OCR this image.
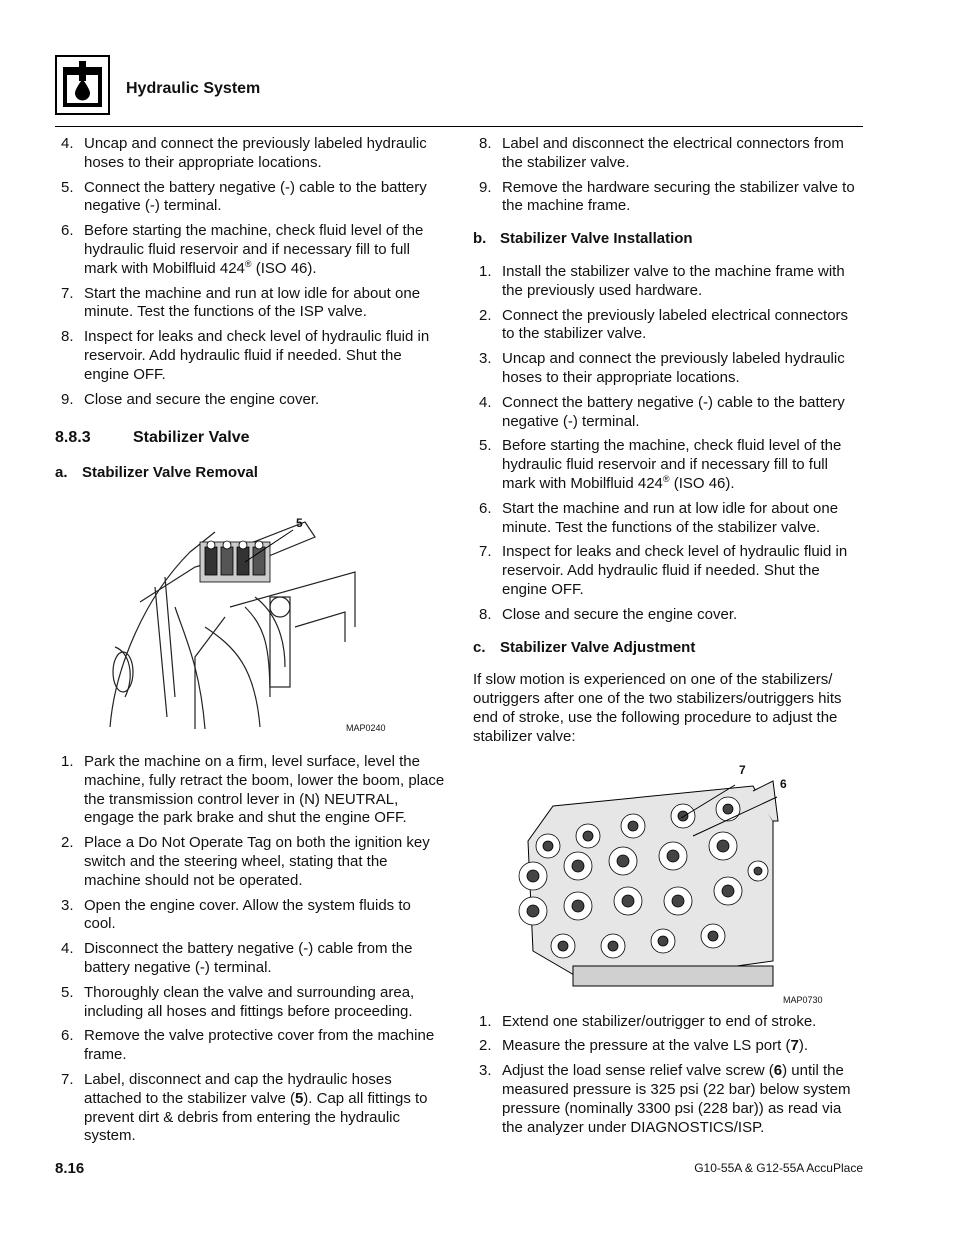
Hydraulic System
4. Uncap and connect the previously labeled hydraulic hoses to their appropriate locations.
5. Connect the battery negative (-) cable to the battery negative (-) terminal.
6. Before starting the machine, check fluid level of the hydraulic fluid reservoir and if necessary fill to full mark with Mobilfluid 424® (ISO 46).
7. Start the machine and run at low idle for about one minute. Test the functions of the ISP valve.
8. Inspect for leaks and check level of hydraulic fluid in reservoir. Add hydraulic fluid if needed. Shut the engine OFF.
9. Close and secure the engine cover.
8.8.3	Stabilizer Valve
a. Stabilizer Valve Removal
5
MAP0240
1. Park the machine on a firm, level surface, level the machine, fully retract the boom, lower the boom, place the transmission control lever in (N) NEUTRAL, engage the park brake and shut the engine OFF.
2. Place a Do Not Operate Tag on both the ignition key switch and the steering wheel, stating that the machine should not be operated.
3. Open the engine cover. Allow the system fluids to cool.
4. Disconnect the battery negative (-) cable from the battery negative (-) terminal.
5. Thoroughly clean the valve and surrounding area, including all hoses and fittings before proceeding.
6. Remove the valve protective cover from the machine frame.
7. Label, disconnect and cap the hydraulic hoses attached to the stabilizer valve (5). Cap all fittings to prevent dirt & debris from entering the hydraulic system.
8. Label and disconnect the electrical connectors from the stabilizer valve.
9. Remove the hardware securing the stabilizer valve to the machine frame.
b. Stabilizer Valve Installation
1. Install the stabilizer valve to the machine frame with the previously used hardware.
2. Connect the previously labeled electrical connectors to the stabilizer valve.
3. Uncap and connect the previously labeled hydraulic hoses to their appropriate locations.
4. Connect the battery negative (-) cable to the battery negative (-) terminal.
5. Before starting the machine, check fluid level of the hydraulic fluid reservoir and if necessary fill to full mark with Mobilfluid 424® (ISO 46).
6. Start the machine and run at low idle for about one minute. Test the functions of the stabilizer valve.
7. Inspect for leaks and check level of hydraulic fluid in reservoir. Add hydraulic fluid if needed. Shut the engine OFF.
8. Close and secure the engine cover.
c. Stabilizer Valve Adjustment

If slow motion is experienced on one of the stabilizers/ outriggers after one of the two stabilizers/outriggers hits end of stroke, use the following procedure to adjust the stabilizer valve:

7
6
MAP0730
1. Extend one stabilizer/outrigger to end of stroke.
2. Measure the pressure at the valve LS port (7).
3. Adjust the load sense relief valve screw (6) until the measured pressure is 325 psi (22 bar) below system pressure (nominally 3300 psi (228 bar)) as read via the analyzer under DIAGNOSTICS/ISP.
8.16	G10-55A & G12-55A AccuPlace
